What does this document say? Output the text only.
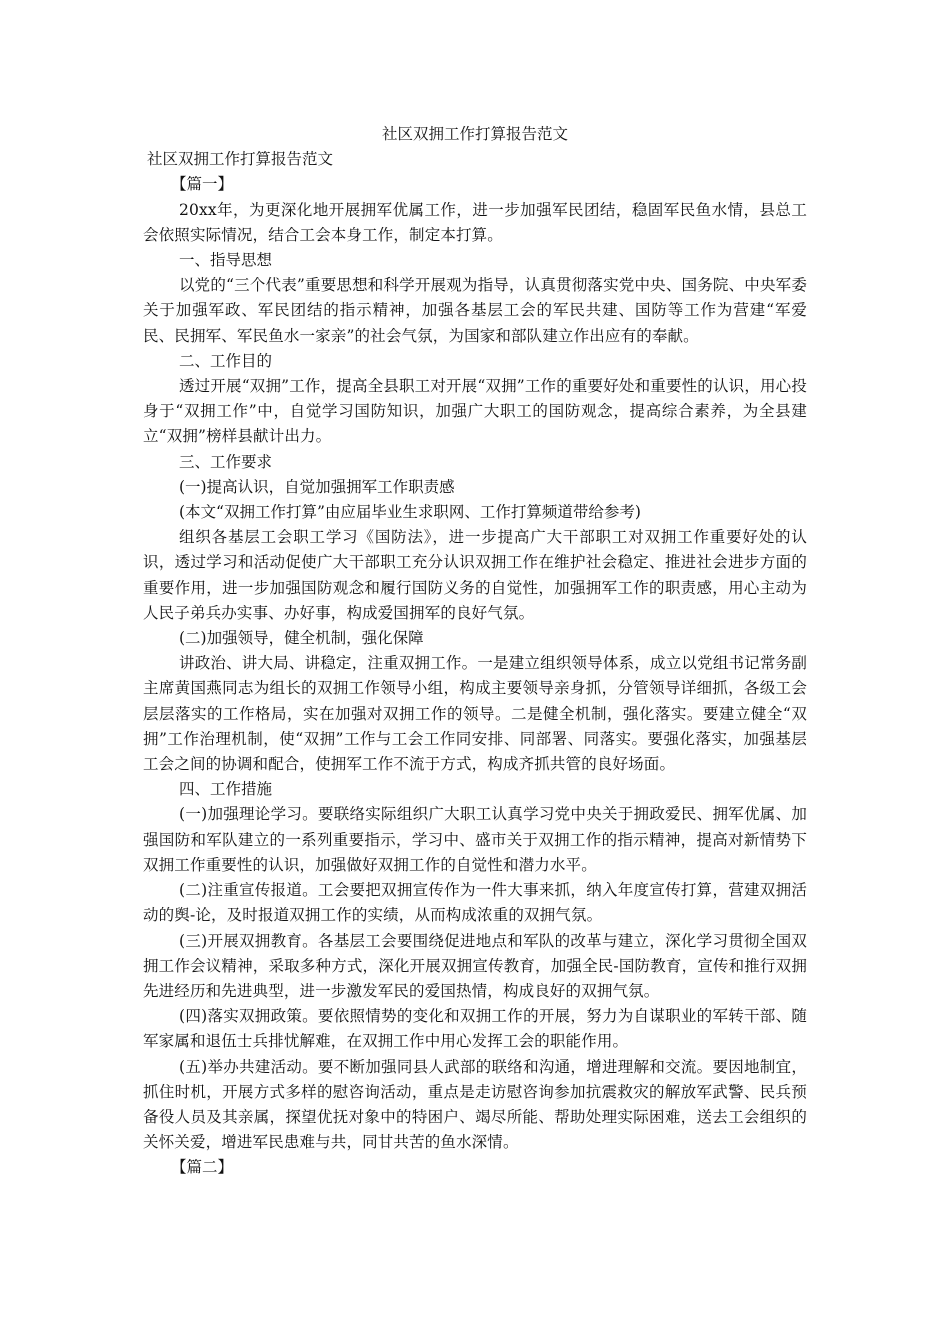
社区双拥工作打算报告范文

社区双拥工作打算报告范文

【篇一】

20xx年，为更深化地开展拥军优属工作，进一步加强军民团结，稳固军民鱼水情，县总工会依照实际情况，结合工会本身工作，制定本打算。

一、指导思想

以党的“三个代表”重要思想和科学开展观为指导，认真贯彻落实党中央、国务院、中央军委关于加强军政、军民团结的指示精神，加强各基层工会的军民共建、国防等工作为营建“军爱民、民拥军、军民鱼水一家亲”的社会气氛，为国家和部队建立作出应有的奉献。

二、工作目的

透过开展“双拥”工作，提高全县职工对开展“双拥”工作的重要好处和重要性的认识，用心投身于“双拥工作”中，自觉学习国防知识，加强广大职工的国防观念，提高综合素养，为全县建立“双拥”榜样县献计出力。

三、工作要求

(一)提高认识，自觉加强拥军工作职责感

(本文“双拥工作打算”由应届毕业生求职网、工作打算频道带给参考)

组织各基层工会职工学习《国防法》，进一步提高广大干部职工对双拥工作重要好处的认识，透过学习和活动促使广大干部职工充分认识双拥工作在维护社会稳定、推进社会进步方面的重要作用，进一步加强国防观念和履行国防义务的自觉性，加强拥军工作的职责感，用心主动为人民子弟兵办实事、办好事，构成爱国拥军的良好气氛。

(二)加强领导，健全机制，强化保障

讲政治、讲大局、讲稳定，注重双拥工作。一是建立组织领导体系，成立以党组书记常务副主席黄国燕同志为组长的双拥工作领导小组，构成主要领导亲身抓，分管领导详细抓，各级工会层层落实的工作格局，实在加强对双拥工作的领导。二是健全机制，强化落实。要建立健全“双拥”工作治理机制，使“双拥”工作与工会工作同安排、同部署、同落实。要强化落实，加强基层工会之间的协调和配合，使拥军工作不流于方式，构成齐抓共管的良好场面。

四、工作措施

(一)加强理论学习。要联络实际组织广大职工认真学习党中央关于拥政爱民、拥军优属、加强国防和军队建立的一系列重要指示，学习中、盛市关于双拥工作的指示精神，提高对新情势下双拥工作重要性的认识，加强做好双拥工作的自觉性和潜力水平。

(二)注重宣传报道。工会要把双拥宣传作为一件大事来抓，纳入年度宣传打算，营建双拥活动的舆-论，及时报道双拥工作的实绩，从而构成浓重的双拥气氛。

(三)开展双拥教育。各基层工会要围绕促进地点和军队的改革与建立，深化学习贯彻全国双拥工作会议精神，采取多种方式，深化开展双拥宣传教育，加强全民-国防教育，宣传和推行双拥先进经历和先进典型，进一步激发军民的爱国热情，构成良好的双拥气氛。

(四)落实双拥政策。要依照情势的变化和双拥工作的开展，努力为自谋职业的军转干部、随军家属和退伍士兵排忧解难，在双拥工作中用心发挥工会的职能作用。

(五)举办共建活动。要不断加强同县人武部的联络和沟通，增进理解和交流。要因地制宜，抓住时机，开展方式多样的慰咨询活动，重点是走访慰咨询参加抗震救灾的解放军武警、民兵预备役人员及其亲属，探望优抚对象中的特困户、竭尽所能、帮助处理实际困难，送去工会组织的关怀关爱，增进军民患难与共，同甘共苦的鱼水深情。

【篇二】
